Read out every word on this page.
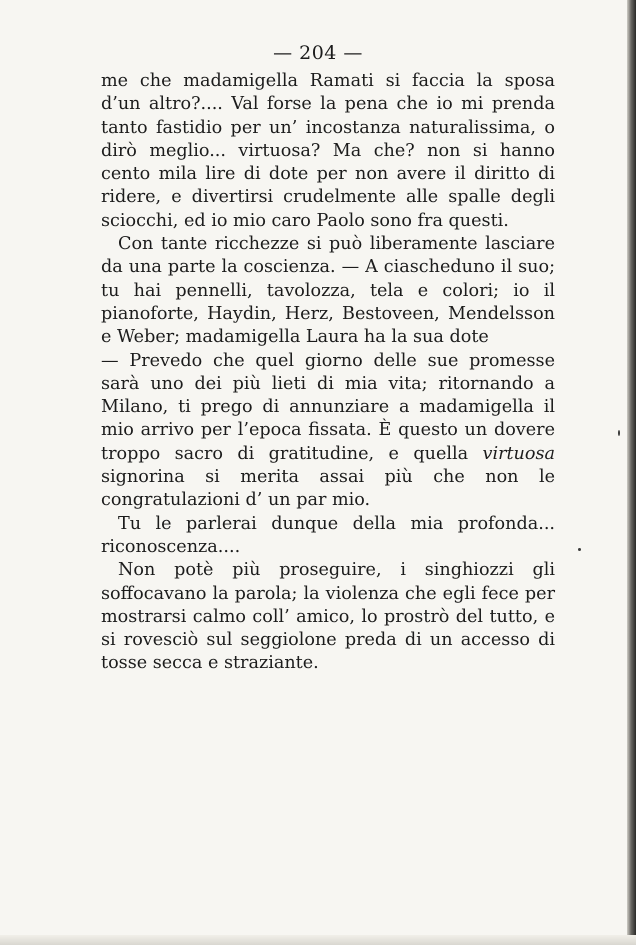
— 204 —

me che madamigella Ramati si faccia la sposa d’un altro?.... Val forse la pena che io mi prenda tanto fastidio per un’ incostanza naturalissima, o dirò meglio... virtuosa? Ma che? non si hanno cento mila lire di dote per non avere il diritto di ridere, e divertirsi crudelmente alle spalle degli sciocchi, ed io mio caro Paolo sono fra questi.

Con tante ricchezze si può liberamente lasciare da una parte la coscienza. — A ciascheduno il suo; tu hai pennelli, tavolozza, tela e colori; io il pianoforte, Haydin, Herz, Bestoveen, Mendelsson e Weber; madamigella Laura ha la sua dote

— Prevedo che quel giorno delle sue promesse sarà uno dei più lieti di mia vita; ritornando a Milano, ti prego di annunziare a madamigella il mio arrivo per l’epoca fissata. È questo un dovere troppo sacro di gratitudine, e quella virtuosa signorina si merita assai più che non le congratulazioni d’ un par mio.

Tu le parlerai dunque della mia profonda... riconoscenza....

Non potè più proseguire, i singhiozzi gli soffocavano la parola; la violenza che egli fece per mostrarsi calmo coll’ amico, lo prostrò del tutto, e si rovesciò sul seggiolone preda di un accesso di tosse secca e straziante.
